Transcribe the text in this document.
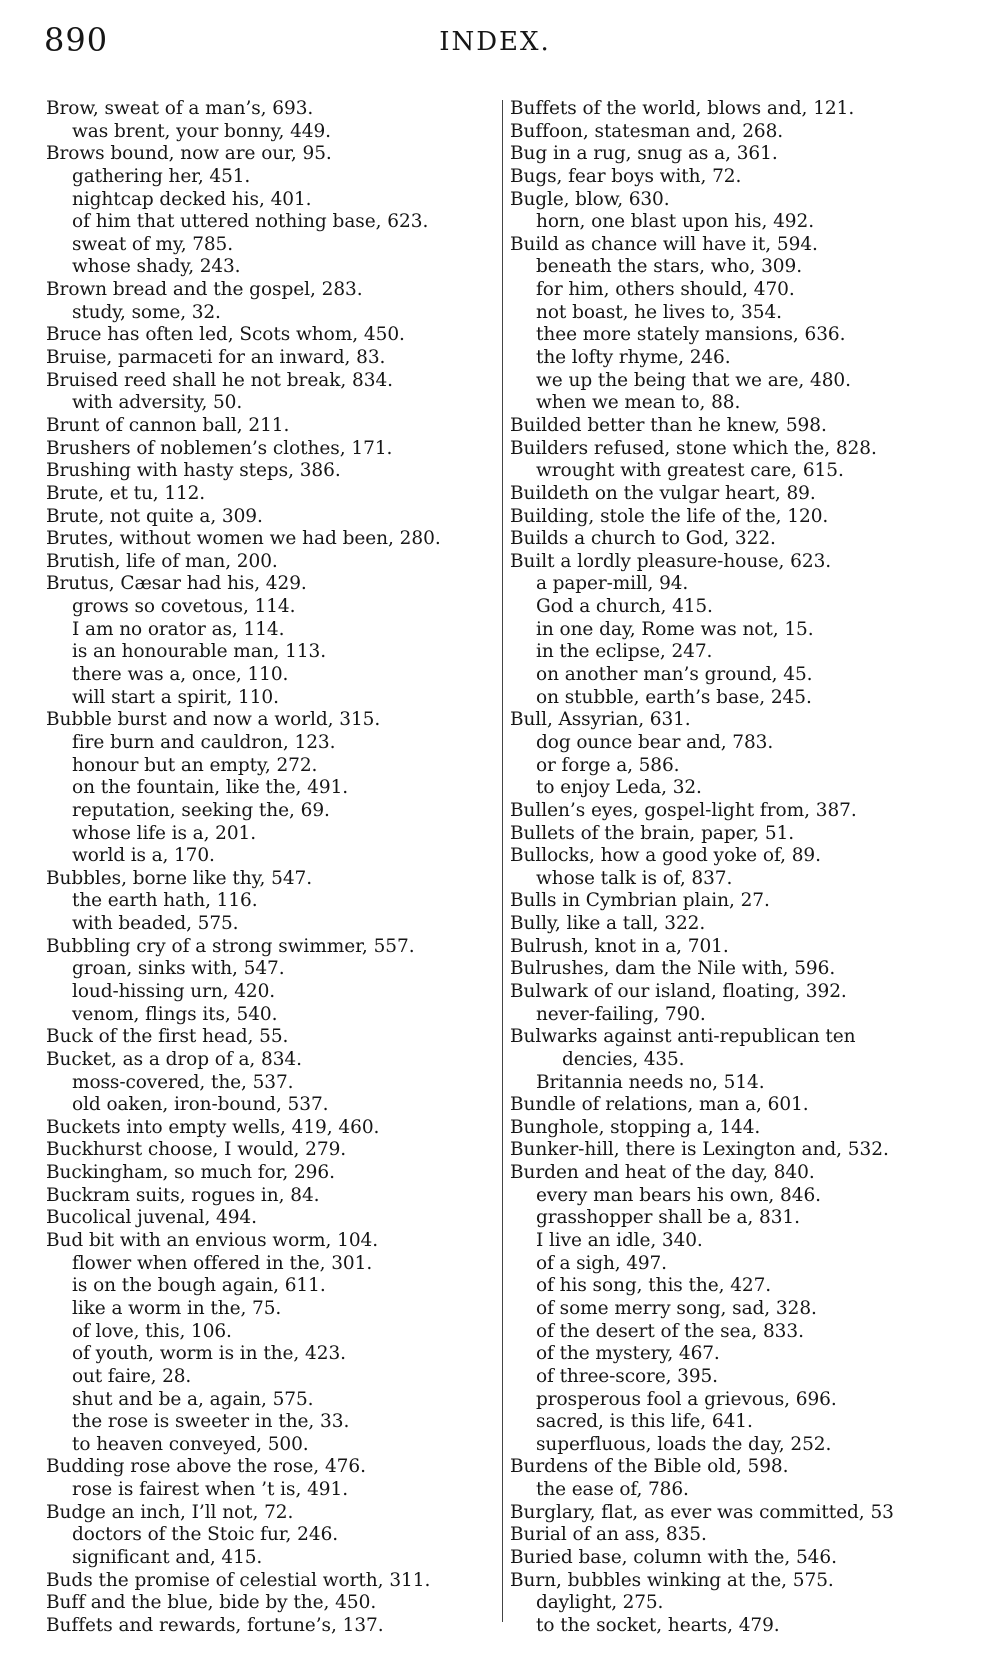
890	INDEX.
Brow, sweat of a man’s, 693.
was brent, your bonny, 449.
Brows bound, now are our, 95.
gathering her, 451.
nightcap decked his, 401.
of him that uttered nothing base, 623.
sweat of my, 785.
whose shady, 243.
Brown bread and the gospel, 283.
study, some, 32.
Bruce has often led, Scots whom, 450.
Bruise, parmaceti for an inward, 83.
Bruised reed shall he not break, 834.
with adversity, 50.
Brunt of cannon ball, 211.
Brushers of noblemen’s clothes, 171.
Brushing with hasty steps, 386.
Brute, et tu, 112.
Brute, not quite a, 309.
Brutes, without women we had been, 280.
Brutish, life of man, 200.
Brutus, Cæsar had his, 429.
grows so covetous, 114.
I am no orator as, 114.
is an honourable man, 113.
there was a, once, 110.
will start a spirit, 110.
Bubble burst and now a world, 315.
fire burn and cauldron, 123.
honour but an empty, 272.
on the fountain, like the, 491.
reputation, seeking the, 69.
whose life is a, 201.
world is a, 170.
Bubbles, borne like thy, 547.
the earth hath, 116.
with beaded, 575.
Bubbling cry of a strong swimmer, 557.
groan, sinks with, 547.
loud-hissing urn, 420.
venom, flings its, 540.
Buck of the first head, 55.
Bucket, as a drop of a, 834.
moss-covered, the, 537.
old oaken, iron-bound, 537.
Buckets into empty wells, 419, 460.
Buckhurst choose, I would, 279.
Buckingham, so much for, 296.
Buckram suits, rogues in, 84.
Bucolical juvenal, 494.
Bud bit with an envious worm, 104.
flower when offered in the, 301.
is on the bough again, 611.
like a worm in the, 75.
of love, this, 106.
of youth, worm is in the, 423.
out faire, 28.
shut and be a, again, 575.
the rose is sweeter in the, 33.
to heaven conveyed, 500.
Budding rose above the rose, 476.
rose is fairest when ’t is, 491.
Budge an inch, I’ll not, 72.
doctors of the Stoic fur, 246.
significant and, 415.
Buds the promise of celestial worth, 311.
Buff and the blue, bide by the, 450.
Buffets and rewards, fortune’s, 137.
Buffets of the world, blows and, 121.
Buffoon, statesman and, 268.
Bug in a rug, snug as a, 361.
Bugs, fear boys with, 72.
Bugle, blow, 630.
horn, one blast upon his, 492.
Build as chance will have it, 594.
beneath the stars, who, 309.
for him, others should, 470.
not boast, he lives to, 354.
thee more stately mansions, 636.
the lofty rhyme, 246.
we up the being that we are, 480.
when we mean to, 88.
Builded better than he knew, 598.
Builders refused, stone which the, 828.
wrought with greatest care, 615.
Buildeth on the vulgar heart, 89.
Building, stole the life of the, 120.
Builds a church to God, 322.
Built a lordly pleasure-house, 623.
a paper-mill, 94.
God a church, 415.
in one day, Rome was not, 15.
in the eclipse, 247.
on another man’s ground, 45.
on stubble, earth’s base, 245.
Bull, Assyrian, 631.
dog ounce bear and, 783.
or forge a, 586.
to enjoy Leda, 32.
Bullen’s eyes, gospel-light from, 387.
Bullets of the brain, paper, 51.
Bullocks, how a good yoke of, 89.
whose talk is of, 837.
Bulls in Cymbrian plain, 27.
Bully, like a tall, 322.
Bulrush, knot in a, 701.
Bulrushes, dam the Nile with, 596.
Bulwark of our island, floating, 392.
never-failing, 790.
Bulwarks against anti-republican ten
dencies, 435.
Britannia needs no, 514.
Bundle of relations, man a, 601.
Bunghole, stopping a, 144.
Bunker-hill, there is Lexington and, 532.
Burden and heat of the day, 840.
every man bears his own, 846.
grasshopper shall be a, 831.
I live an idle, 340.
of a sigh, 497.
of his song, this the, 427.
of some merry song, sad, 328.
of the desert of the sea, 833.
of the mystery, 467.
of three-score, 395.
prosperous fool a grievous, 696.
sacred, is this life, 641.
superfluous, loads the day, 252.
Burdens of the Bible old, 598.
the ease of, 786.
Burglary, flat, as ever was committed, 53
Burial of an ass, 835.
Buried base, column with the, 546.
Burn, bubbles winking at the, 575.
daylight, 275.
to the socket, hearts, 479.
